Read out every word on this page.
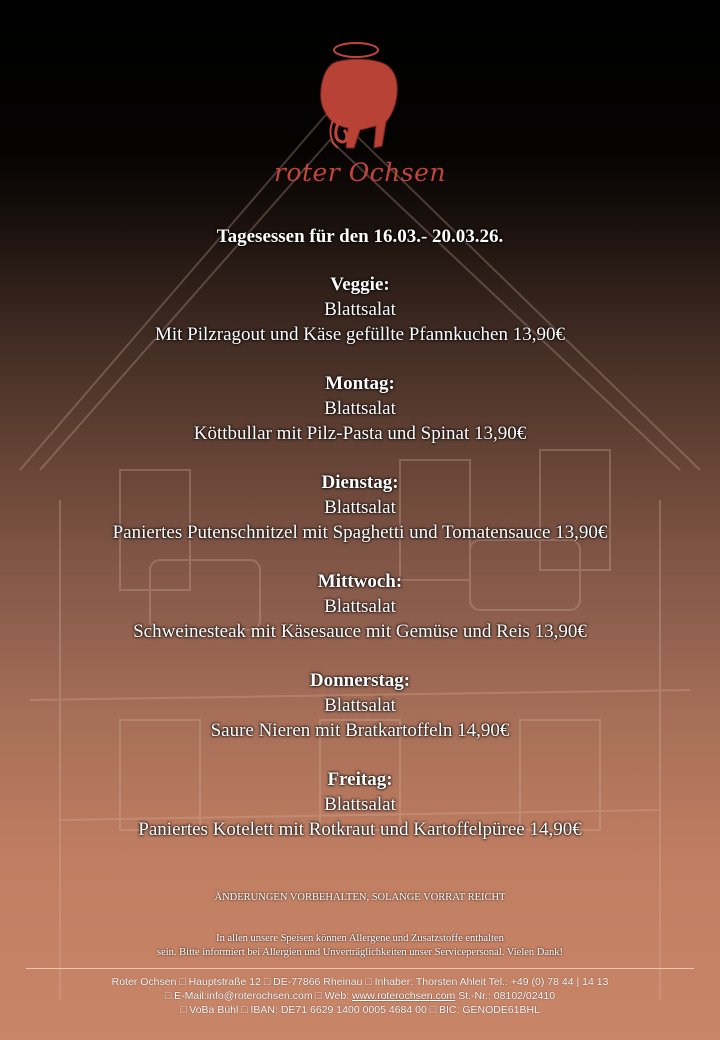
roter Ochsen
Tagesessen für den 16.03.- 20.03.26.
Veggie:
Blattsalat
Mit Pilzragout und Käse gefüllte Pfannkuchen 13,90€
Montag:
Blattsalat
Köttbullar mit Pilz-Pasta und Spinat 13,90€
Dienstag:
Blattsalat
Paniertes Putenschnitzel mit Spaghetti und Tomatensauce 13,90€
Mittwoch:
Blattsalat
Schweinesteak mit Käsesauce mit Gemüse und Reis 13,90€
Donnerstag:
Blattsalat
Saure Nieren mit Bratkartoffeln 14,90€
Freitag:
Blattsalat
Paniertes Kotelett mit Rotkraut und Kartoffelpüree 14,90€
ÄNDERUNGEN VORBEHALTEN, SOLANGE VORRAT REICHT
In allen unsere Speisen können Allergene und Zusatzstoffe enthalten
sein. Bitte informiert bei Allergien und Unverträglichkeiten unser Servicepersonal. Vielen Dank!
Roter Ochsen □ Hauptstraße 12 □ DE-77866 Rheinau □ Inhaber: Thorsten Ahleit Tel.: +49 (0) 78 44 | 14 13
□ E-Mail:info@roterochsen.com □ Web: www.roterochsen.com St.-Nr.: 08102/02410
□ VoBa Bühl □ IBAN: DE71 6629 1400 0005 4684 00 □ BIC: GENODE61BHL
